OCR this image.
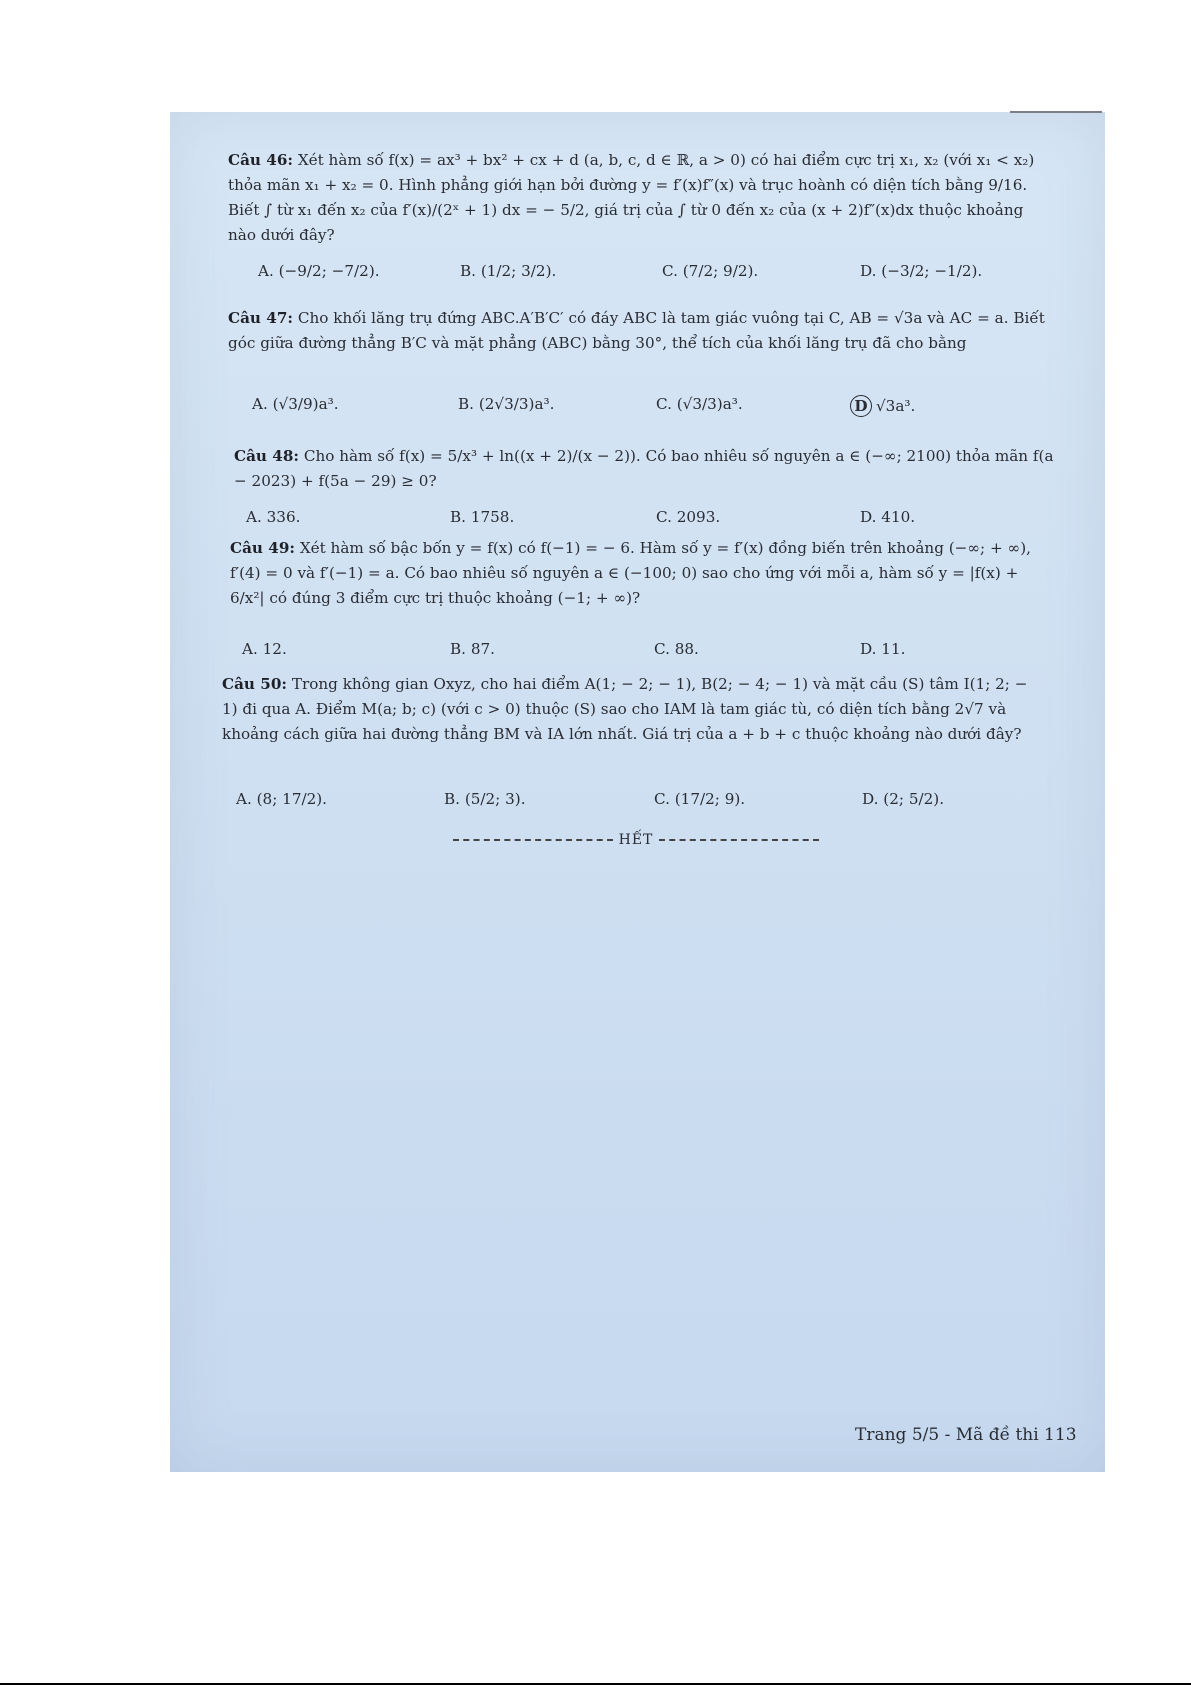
Câu 46: Xét hàm số f(x) = ax³ + bx² + cx + d (a, b, c, d ∈ ℝ, a > 0) có hai điểm cực trị x₁, x₂ (với x₁ < x₂) thỏa mãn x₁ + x₂ = 0. Hình phẳng giới hạn bởi đường y = f′(x)f″(x) và trục hoành có diện tích bằng 9/16. Biết ∫ từ x₁ đến x₂ của f′(x)/(2ˣ + 1) dx = − 5/2, giá trị của ∫ từ 0 đến x₂ của (x + 2)f″(x)dx thuộc khoảng nào dưới đây?
A. (−9/2; −7/2).	B. (1/2; 3/2).	C. (7/2; 9/2).	D. (−3/2; −1/2).
Câu 47: Cho khối lăng trụ đứng ABC.A′B′C′ có đáy ABC là tam giác vuông tại C, AB = √3a và AC = a. Biết góc giữa đường thẳng B′C và mặt phẳng (ABC) bằng 30°, thể tích của khối lăng trụ đã cho bằng
A. (√3/9)a³.	B. (2√3/3)a³.	C. (√3/3)a³.	D √3a³.
Câu 48: Cho hàm số f(x) = 5/x³ + ln((x + 2)/(x − 2)). Có bao nhiêu số nguyên a ∈ (−∞; 2100) thỏa mãn f(a − 2023) + f(5a − 29) ≥ 0?
A. 336.	B. 1758.	C. 2093.	D. 410.
Câu 49: Xét hàm số bậc bốn y = f(x) có f(−1) = − 6. Hàm số y = f′(x) đồng biến trên khoảng (−∞; + ∞), f′(4) = 0 và f′(−1) = a. Có bao nhiêu số nguyên a ∈ (−100; 0) sao cho ứng với mỗi a, hàm số y = |f(x) + 6/x²| có đúng 3 điểm cực trị thuộc khoảng (−1; + ∞)?
A. 12.	B. 87.	C. 88.	D. 11.
Câu 50: Trong không gian Oxyz, cho hai điểm A(1; − 2; − 1), B(2; − 4; − 1) và mặt cầu (S) tâm I(1; 2; − 1) đi qua A. Điểm M(a; b; c) (với c > 0) thuộc (S) sao cho IAM là tam giác tù, có diện tích bằng 2√7 và khoảng cách giữa hai đường thẳng BM và IA lớn nhất. Giá trị của a + b + c thuộc khoảng nào dưới đây?
A. (8; 17/2).	B. (5/2; 3).	C. (17/2; 9).	D. (2; 5/2).
HẾT
Trang 5/5 - Mã đề thi 113
